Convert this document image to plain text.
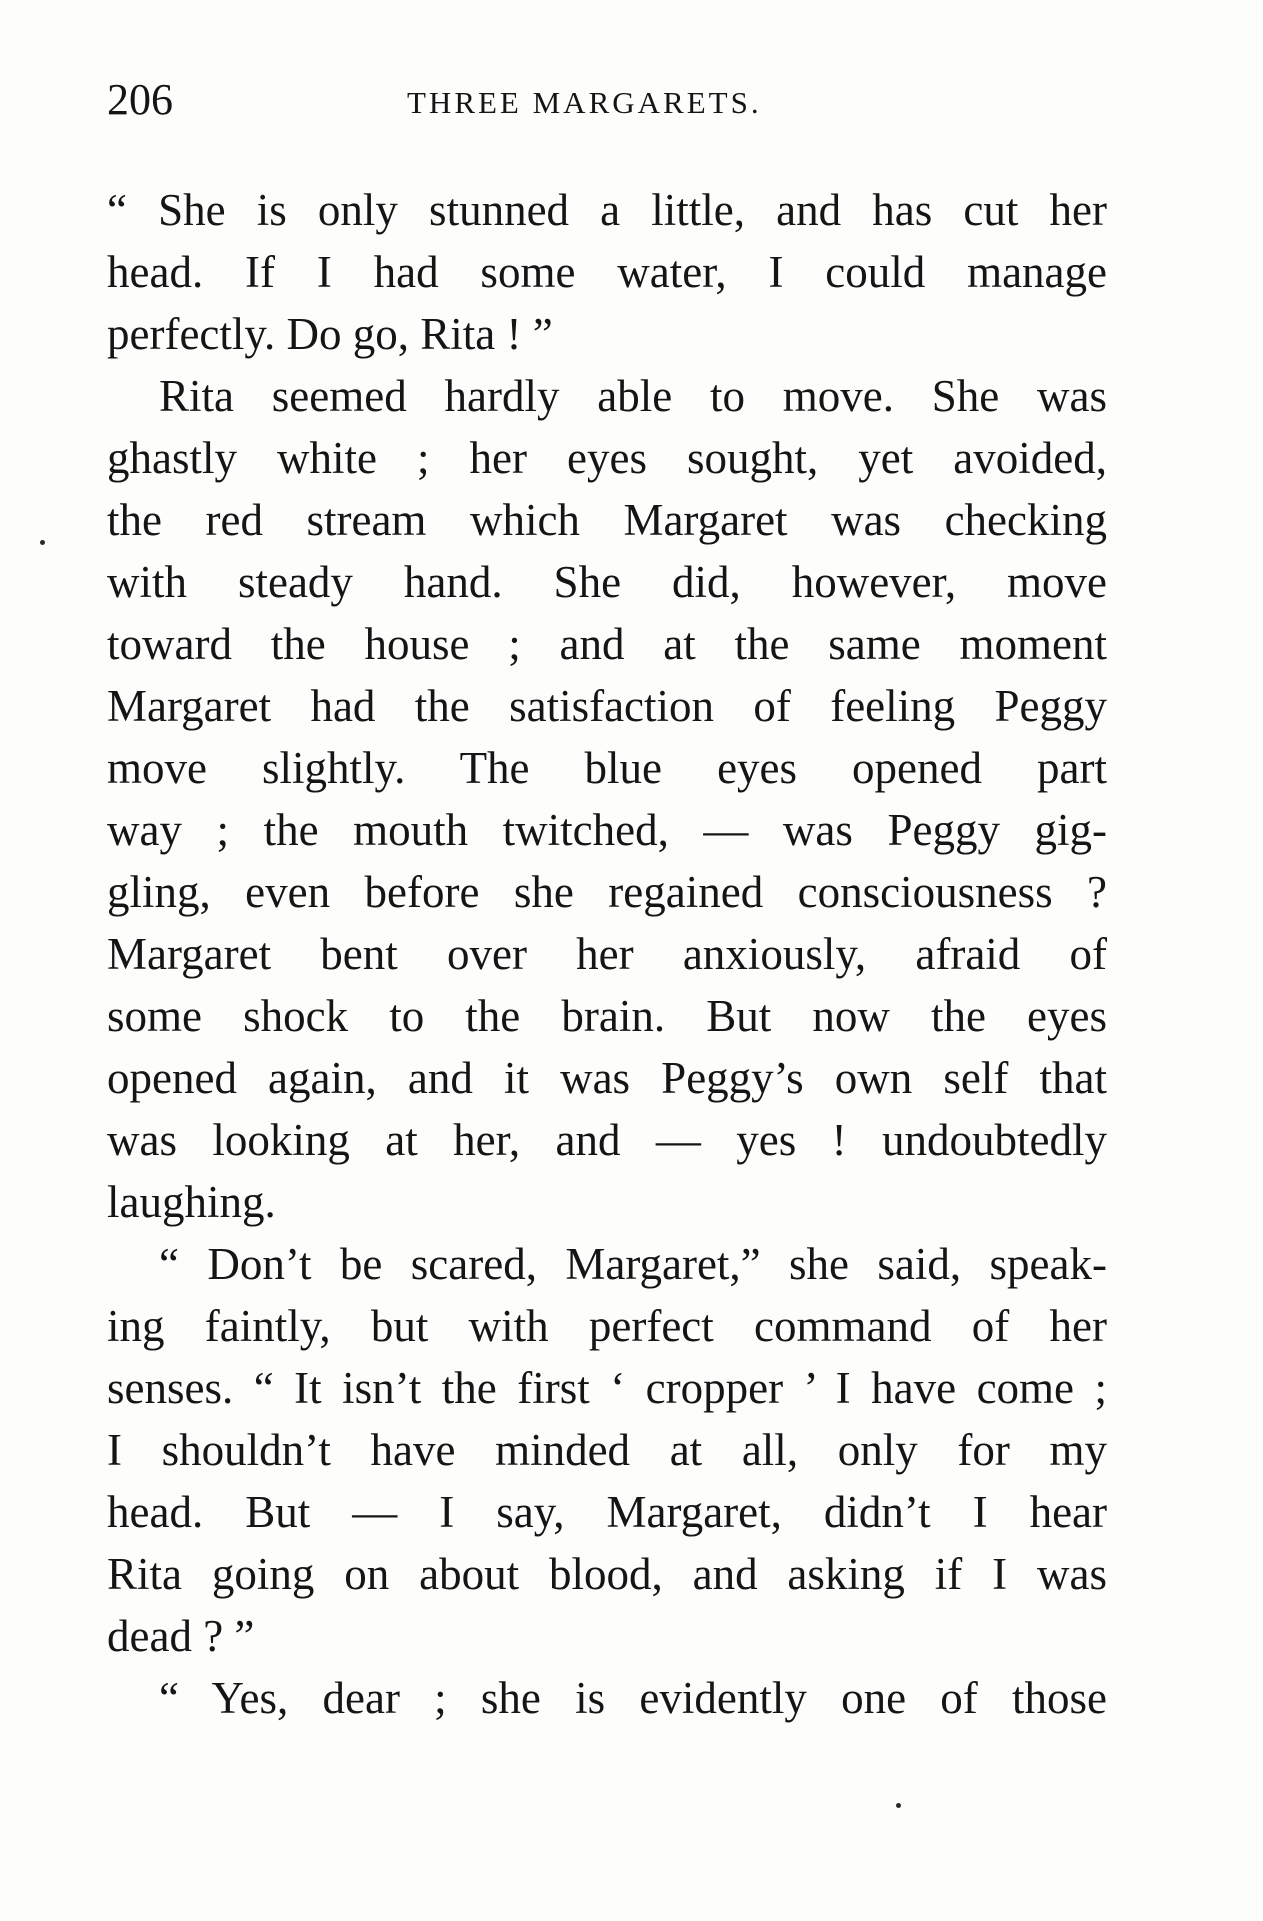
206	THREE MARGARETS.
“ She is only stunned a little, and has cut her
head. If I had some water, I could manage
perfectly. Do go, Rita ! ”
Rita seemed hardly able to move. She was
ghastly white ; her eyes sought, yet avoided,
the red stream which Margaret was checking
with steady hand. She did, however, move
toward the house ; and at the same moment
Margaret had the satisfaction of feeling Peggy
move slightly. The blue eyes opened part
way ; the mouth twitched, — was Peggy gig-
gling, even before she regained consciousness ?
Margaret bent over her anxiously, afraid of
some shock to the brain. But now the eyes
opened again, and it was Peggy’s own self that
was looking at her, and — yes ! undoubtedly
laughing.
“ Don’t be scared, Margaret,” she said, speak-
ing faintly, but with perfect command of her
senses. “ It isn’t the first ‘ cropper ’ I have come ;
I shouldn’t have minded at all, only for my
head. But — I say, Margaret, didn’t I hear
Rita going on about blood, and asking if I was
dead ? ”
“ Yes, dear ; she is evidently one of those
